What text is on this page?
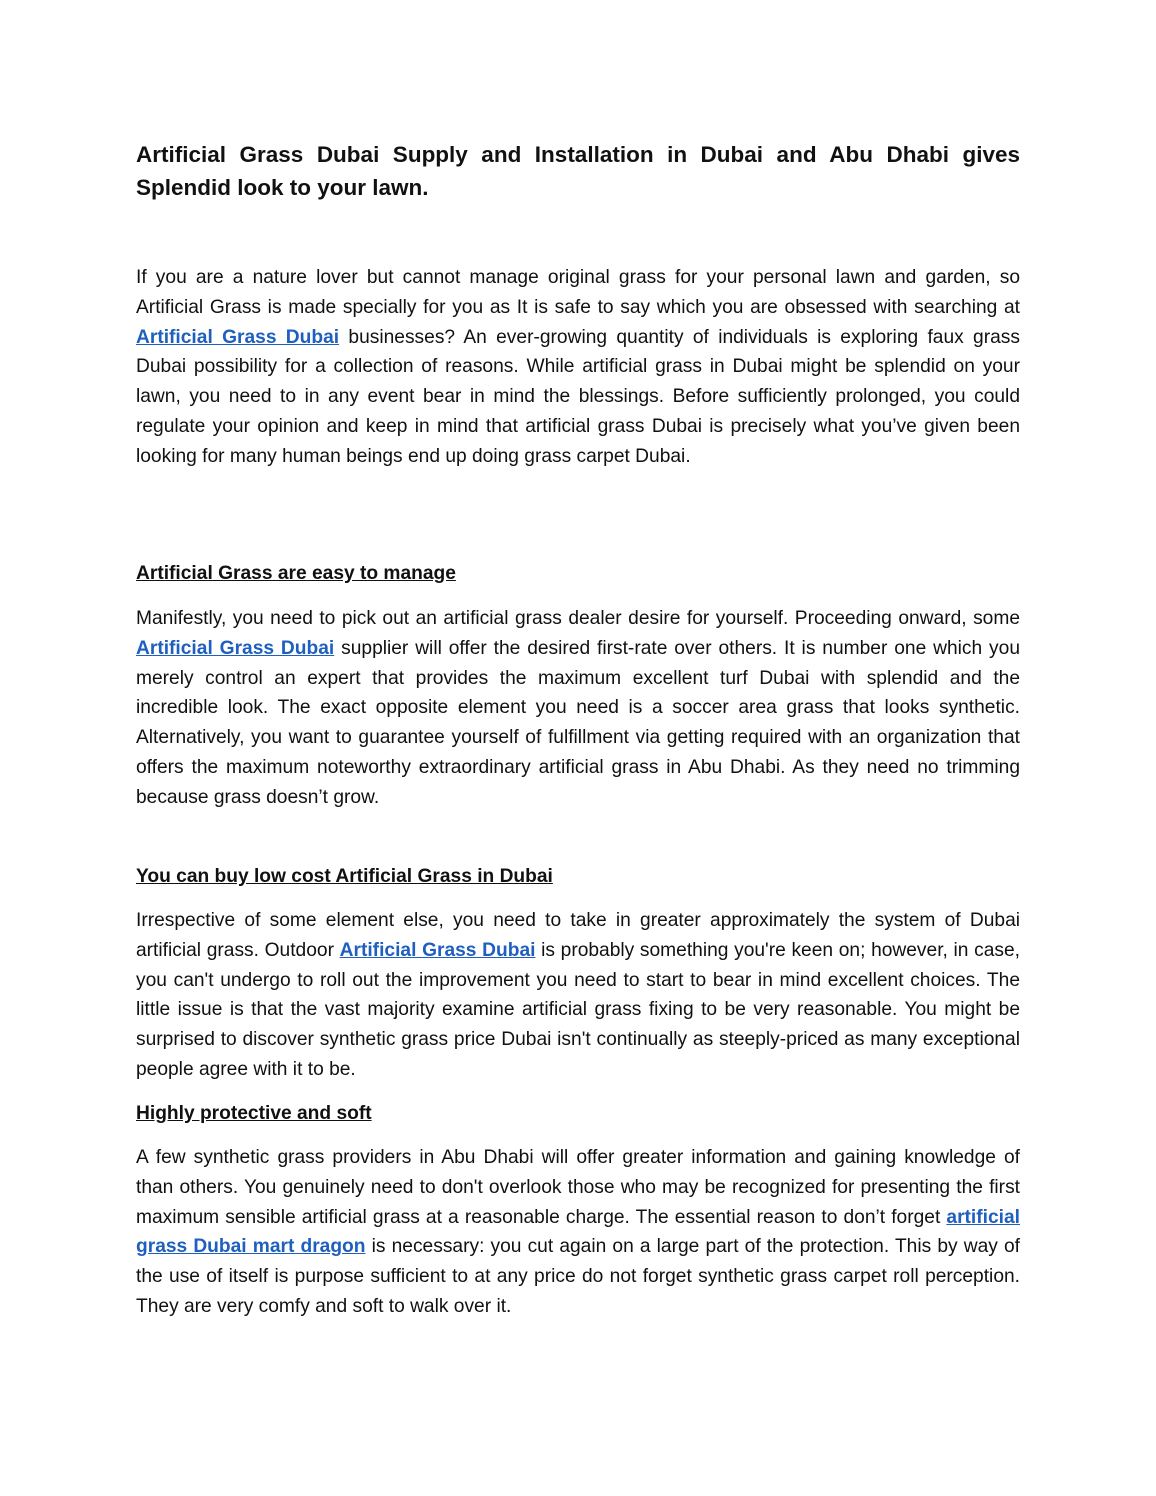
Artificial Grass Dubai Supply and Installation in Dubai and Abu Dhabi gives Splendid look to your lawn.

If you are a nature lover but cannot manage original grass for your personal lawn and garden, so Artificial Grass is made specially for you as It is safe to say which you are obsessed with searching at Artificial Grass Dubai businesses? An ever-growing quantity of individuals is exploring faux grass Dubai possibility for a collection of reasons. While artificial grass in Dubai might be splendid on your lawn, you need to in any event bear in mind the blessings. Before sufficiently prolonged, you could regulate your opinion and keep in mind that artificial grass Dubai is precisely what you’ve given been looking for many human beings end up doing grass carpet Dubai.

Artificial Grass are easy to manage

Manifestly, you need to pick out an artificial grass dealer desire for yourself. Proceeding onward, some Artificial Grass Dubai supplier will offer the desired first-rate over others. It is number one which you merely control an expert that provides the maximum excellent turf Dubai with splendid and the incredible look. The exact opposite element you need is a soccer area grass that looks synthetic. Alternatively, you want to guarantee yourself of fulfillment via getting required with an organization that offers the maximum noteworthy extraordinary artificial grass in Abu Dhabi. As they need no trimming because grass doesn’t grow.

You can buy low cost Artificial Grass in Dubai

Irrespective of some element else, you need to take in greater approximately the system of Dubai artificial grass. Outdoor Artificial Grass Dubai is probably something you're keen on; however, in case, you can't undergo to roll out the improvement you need to start to bear in mind excellent choices. The little issue is that the vast majority examine artificial grass fixing to be very reasonable. You might be surprised to discover synthetic grass price Dubai isn't continually as steeply-priced as many exceptional people agree with it to be.

Highly protective and soft

A few synthetic grass providers in Abu Dhabi will offer greater information and gaining knowledge of than others. You genuinely need to don't overlook those who may be recognized for presenting the first maximum sensible artificial grass at a reasonable charge. The essential reason to don’t forget artificial grass Dubai mart dragon is necessary: you cut again on a large part of the protection. This by way of the use of itself is purpose sufficient to at any price do not forget synthetic grass carpet roll perception. They are very comfy and soft to walk over it.
